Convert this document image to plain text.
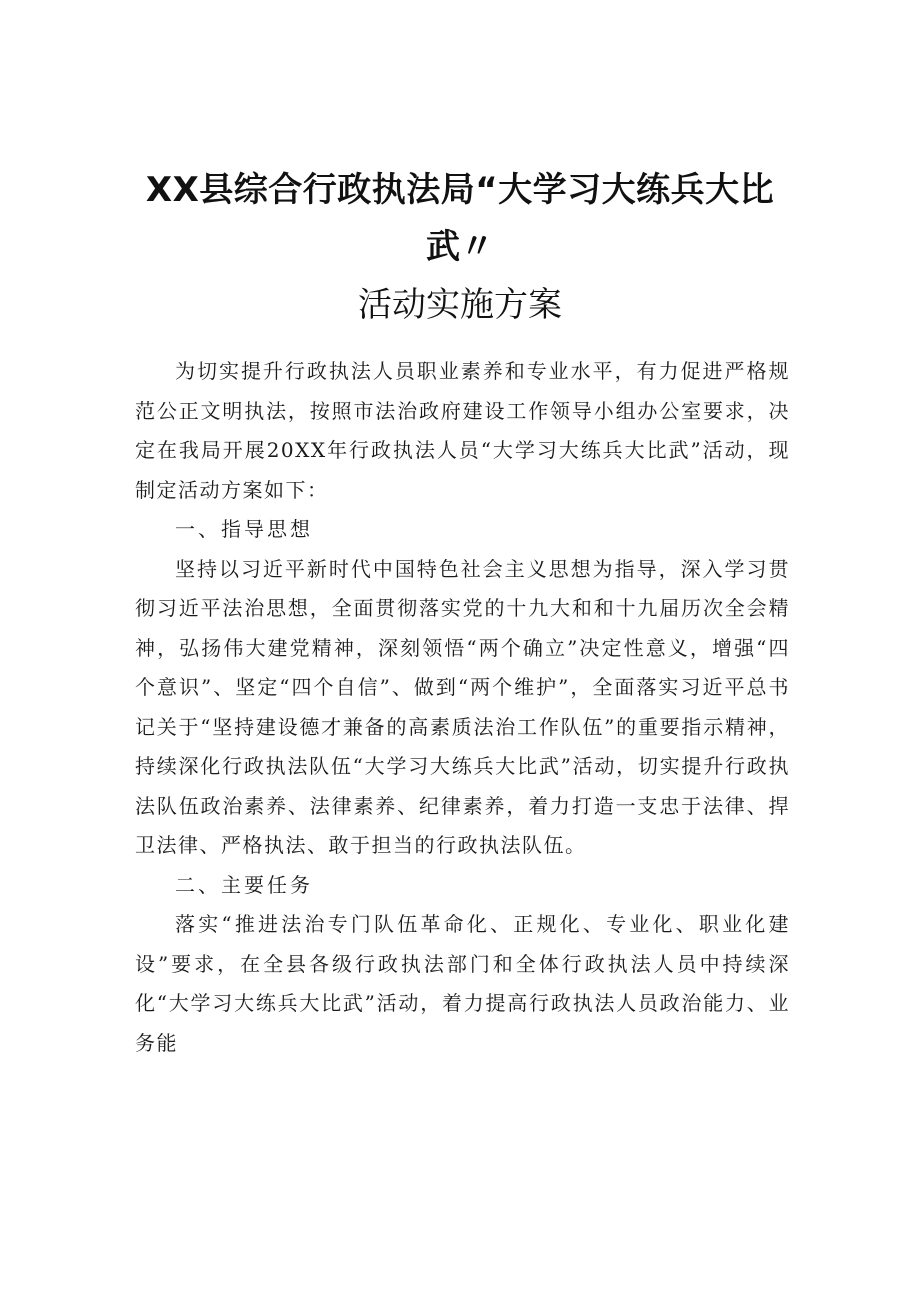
XX县综合行政执法局“大学习大练兵大比
武〃
活动实施方案

为切实提升行政执法人员职业素养和专业水平，有力促进严格规范公正文明执法，按照市法治政府建设工作领导小组办公室要求，决定在我局开展20XX年行政执法人员“大学习大练兵大比武”活动，现制定活动方案如下：

一、指导思想

坚持以习近平新时代中国特色社会主义思想为指导，深入学习贯彻习近平法治思想，全面贯彻落实党的十九大和和十九届历次全会精神，弘扬伟大建党精神，深刻领悟“两个确立”决定性意义，增强“四个意识”、坚定“四个自信”、做到“两个维护”，全面落实习近平总书记关于“坚持建设德才兼备的高素质法治工作队伍”的重要指示精神，持续深化行政执法队伍“大学习大练兵大比武”活动，切实提升行政执法队伍政治素养、法律素养、纪律素养，着力打造一支忠于法律、捍卫法律、严格执法、敢于担当的行政执法队伍。

二、主要任务

落实“推进法治专门队伍革命化、正规化、专业化、职业化建设”要求，在全县各级行政执法部门和全体行政执法人员中持续深化“大学习大练兵大比武”活动，着力提高行政执法人员政治能力、业务能
